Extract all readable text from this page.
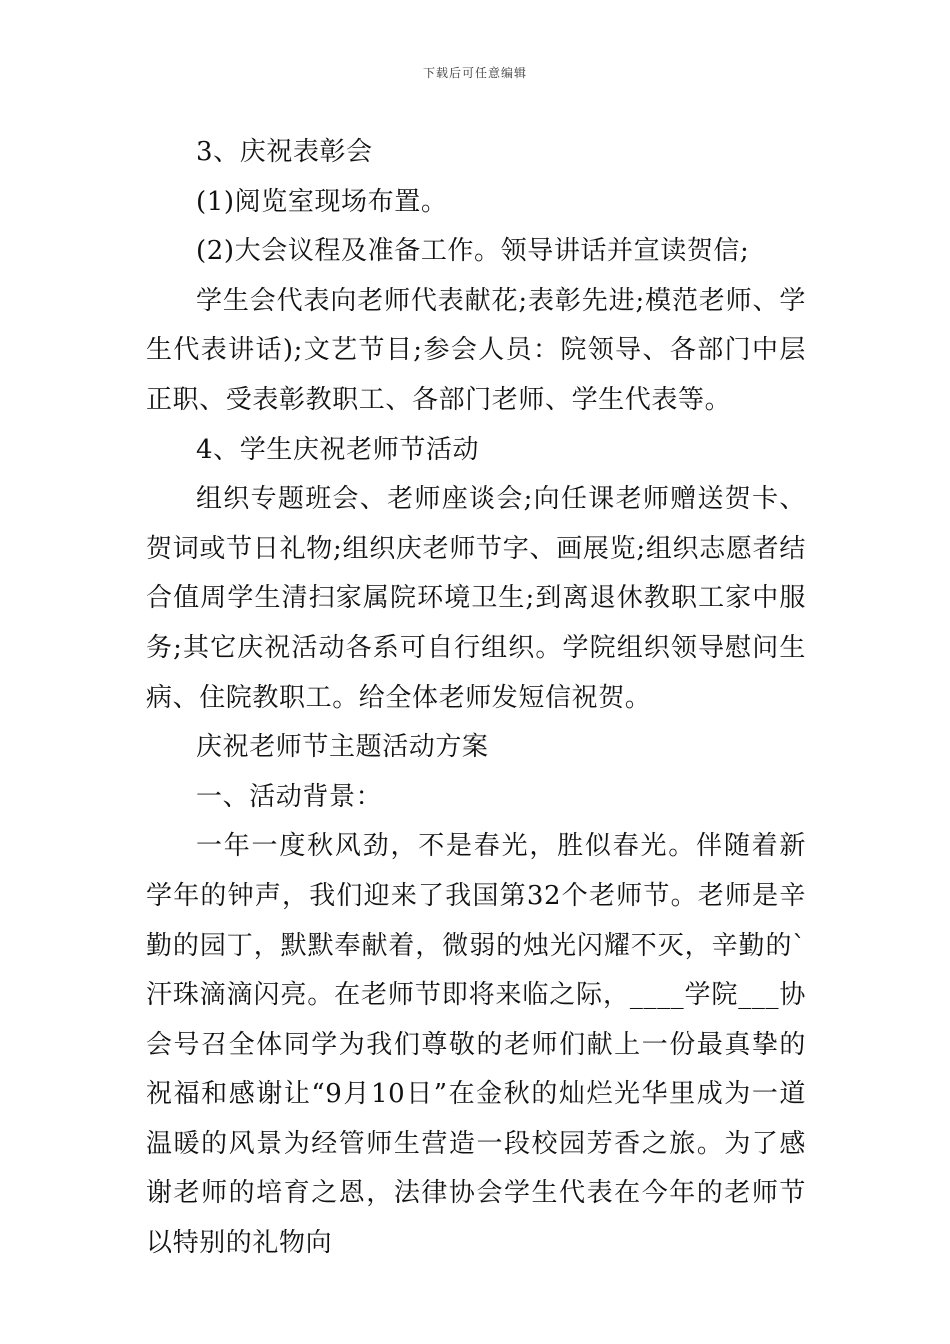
下载后可任意编辑

3、庆祝表彰会

(1)阅览室现场布置。

(2)大会议程及准备工作。领导讲话并宣读贺信;

学生会代表向老师代表献花;表彰先进;模范老师、学生代表讲话);文艺节目;参会人员：院领导、各部门中层正职、受表彰教职工、各部门老师、学生代表等。

4、学生庆祝老师节活动

组织专题班会、老师座谈会;向任课老师赠送贺卡、贺词或节日礼物;组织庆老师节字、画展览;组织志愿者结合值周学生清扫家属院环境卫生;到离退休教职工家中服务;其它庆祝活动各系可自行组织。学院组织领导慰问生病、住院教职工。给全体老师发短信祝贺。

庆祝老师节主题活动方案

一、活动背景：

一年一度秋风劲，不是春光，胜似春光。伴随着新学年的钟声，我们迎来了我国第32个老师节。老师是辛勤的园丁，默默奉献着，微弱的烛光闪耀不灭，辛勤的`汗珠滴滴闪亮。在老师节即将来临之际，____学院___协会号召全体同学为我们尊敬的老师们献上一份最真挚的祝福和感谢让“9月10日”在金秋的灿烂光华里成为一道温暖的风景为经管师生营造一段校园芳香之旅。为了感谢老师的培育之恩，法律协会学生代表在今年的老师节以特别的礼物向
